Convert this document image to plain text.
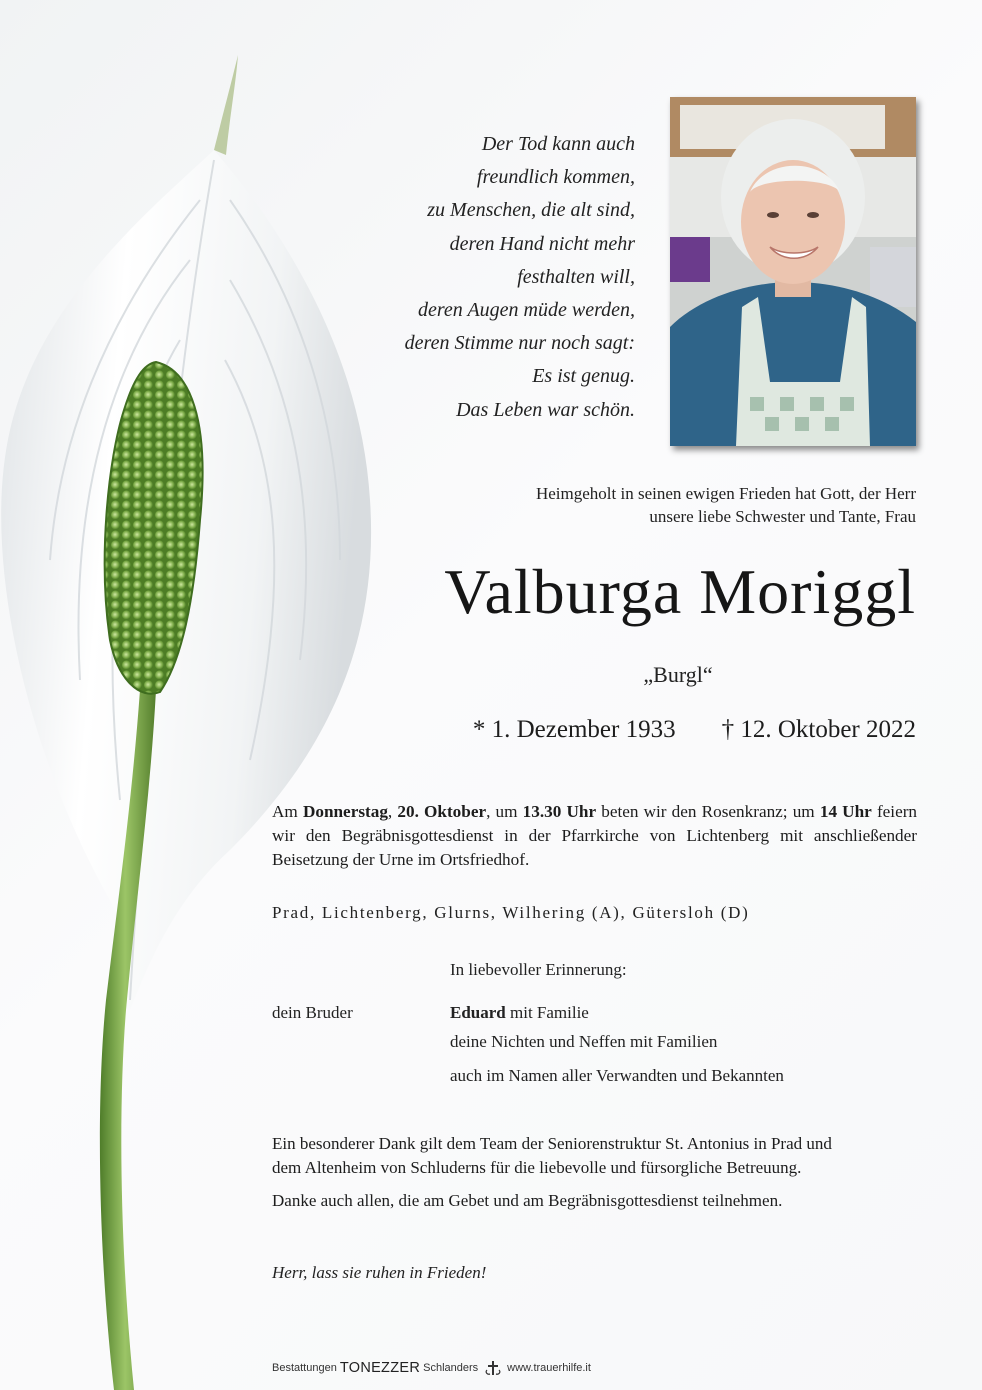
Der Tod kann auch
freundlich kommen,
zu Menschen, die alt sind,
deren Hand nicht mehr
festhalten will,
deren Augen müde werden,
deren Stimme nur noch sagt:
Es ist genug.
Das Leben war schön.
Heimgeholt in seinen ewigen Frieden hat Gott, der Herr
unsere liebe Schwester und Tante, Frau
Valburga Moriggl
„Burgl“
* 1. Dezember 1933 † 12. Oktober 2022
Am Donnerstag, 20. Oktober, um 13.30 Uhr beten wir den Rosenkranz; um 14 Uhr feiern wir den Begräbnisgottesdienst in der Pfarrkirche von Lichtenberg mit anschließender Beisetzung der Urne im Ortsfriedhof.
Prad, Lichtenberg, Glurns, Wilhering (A), Gütersloh (D)
In liebevoller Erinnerung:
dein Bruder	Eduard mit Familie
deine Nichten und Neffen mit Familien
auch im Namen aller Verwandten und Bekannten
Ein besonderer Dank gilt dem Team der Seniorenstruktur St. Antonius in Prad und
dem Altenheim von Schluderns für die liebevolle und fürsorgliche Betreuung.
Danke auch allen, die am Gebet und am Begräbnisgottesdienst teilnehmen.
Herr, lass sie ruhen in Frieden!
Bestattungen TONEZZER Schlanders	www.trauerhilfe.it
